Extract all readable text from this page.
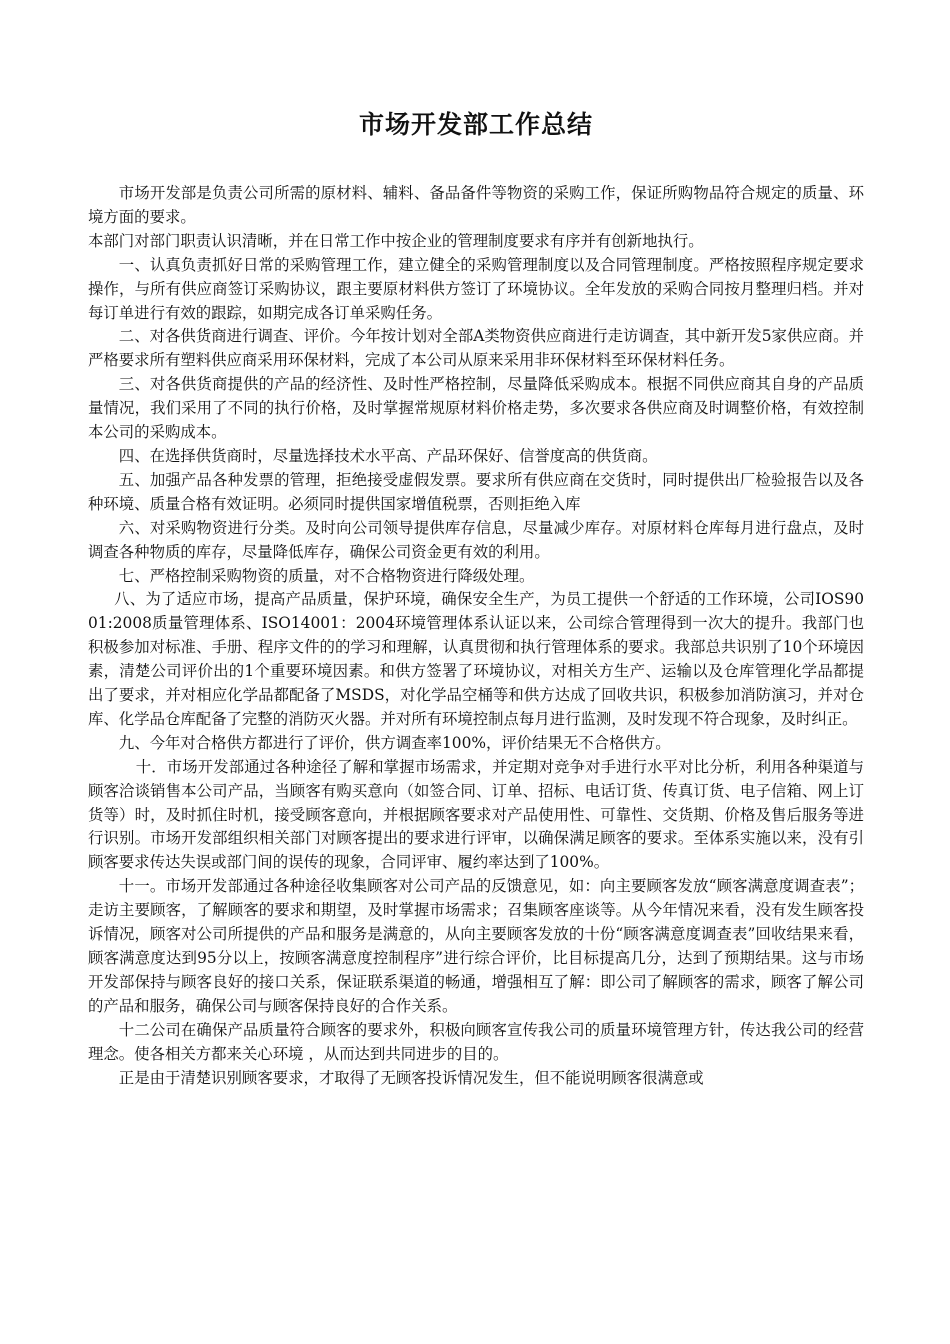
市场开发部工作总结

市场开发部是负责公司所需的原材料、辅料、备品备件等物资的采购工作，保证所购物品符合规定的质量、环境方面的要求。

本部门对部门职责认识清晰，并在日常工作中按企业的管理制度要求有序并有创新地执行。

一、认真负责抓好日常的采购管理工作，建立健全的采购管理制度以及合同管理制度。严格按照程序规定要求操作，与所有供应商签订采购协议，跟主要原材料供方签订了环境协议。全年发放的采购合同按月整理归档。并对每订单进行有效的跟踪，如期完成各订单采购任务。

二、对各供货商进行调查、评价。今年按计划对全部A类物资供应商进行走访调查，其中新开发5家供应商。并严格要求所有塑料供应商采用环保材料，完成了本公司从原来采用非环保材料至环保材料任务。

三、对各供货商提供的产品的经济性、及时性严格控制，尽量降低采购成本。根据不同供应商其自身的产品质量情况，我们采用了不同的执行价格，及时掌握常规原材料价格走势，多次要求各供应商及时调整价格，有效控制本公司的采购成本。

四、在选择供货商时，尽量选择技术水平高、产品环保好、信誉度高的供货商。

五、加强产品各种发票的管理，拒绝接受虚假发票。要求所有供应商在交货时，同时提供出厂检验报告以及各种环境、质量合格有效证明。必须同时提供国家增值税票，否则拒绝入库

六、对采购物资进行分类。及时向公司领导提供库存信息，尽量减少库存。对原材料仓库每月进行盘点，及时调查各种物质的库存，尽量降低库存，确保公司资金更有效的利用。

七、严格控制采购物资的质量，对不合格物资进行降级处理。

八、为了适应市场，提高产品质量，保护环境，确保安全生产，为员工提供一个舒适的工作环境，公司IOS9001:2008质量管理体系、ISO14001：2004环境管理体系认证以来，公司综合管理得到一次大的提升。我部门也积极参加对标准、手册、程序文件的的学习和理解，认真贯彻和执行管理体系的要求。我部总共识别了10个环境因素，清楚公司评价出的1个重要环境因素。和供方签署了环境协议，对相关方生产、运输以及仓库管理化学品都提出了要求，并对相应化学品都配备了MSDS，对化学品空桶等和供方达成了回收共识，积极参加消防演习，并对仓库、化学品仓库配备了完整的消防灭火器。并对所有环境控制点每月进行监测，及时发现不符合现象，及时纠正。

九、今年对合格供方都进行了评价，供方调查率100%，评价结果无不合格供方。

十．市场开发部通过各种途径了解和掌握市场需求，并定期对竞争对手进行水平对比分析，利用各种渠道与顾客洽谈销售本公司产品，当顾客有购买意向（如签合同、订单、招标、电话订货、传真订货、电子信箱、网上订货等）时，及时抓住时机，接受顾客意向，并根据顾客要求对产品使用性、可靠性、交货期、价格及售后服务等进行识别。市场开发部组织相关部门对顾客提出的要求进行评审，以确保满足顾客的要求。至体系实施以来，没有引顾客要求传达失误或部门间的误传的现象，合同评审、履约率达到了100%。

十一。市场开发部通过各种途径收集顾客对公司产品的反馈意见，如：向主要顾客发放“顾客满意度调查表”；走访主要顾客，了解顾客的要求和期望，及时掌握市场需求；召集顾客座谈等。从今年情况来看，没有发生顾客投诉情况，顾客对公司所提供的产品和服务是满意的，从向主要顾客发放的十份“顾客满意度调查表”回收结果来看，顾客满意度达到95分以上，按顾客满意度控制程序”进行综合评价，比目标提高几分，达到了预期结果。这与市场开发部保持与顾客良好的接口关系，保证联系渠道的畅通，增强相互了解：即公司了解顾客的需求，顾客了解公司的产品和服务，确保公司与顾客保持良好的合作关系。

十二公司在确保产品质量符合顾客的要求外，积极向顾客宣传我公司的质量环境管理方针，传达我公司的经营理念。使各相关方都来关心环境 ，从而达到共同进步的目的。

正是由于清楚识别顾客要求，才取得了无顾客投诉情况发生，但不能说明顾客很满意或
